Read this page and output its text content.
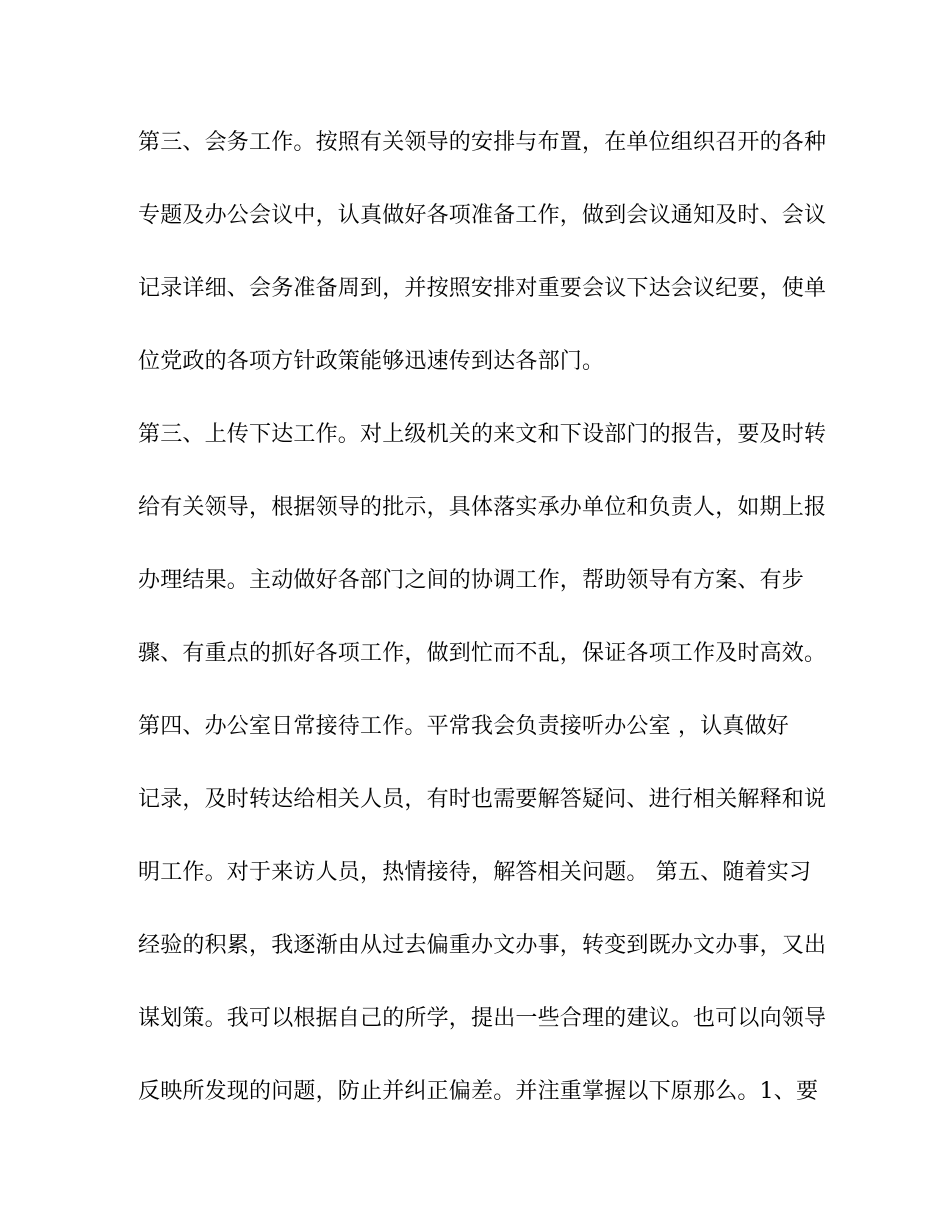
第三、会务工作。按照有关领导的安排与布置，在单位组织召开的各种
专题及办公会议中，认真做好各项准备工作，做到会议通知及时、会议
记录详细、会务准备周到，并按照安排对重要会议下达会议纪要，使单
位党政的各项方针政策能够迅速传到达各部门。
第三、上传下达工作。对上级机关的来文和下设部门的报告，要及时转
给有关领导，根据领导的批示，具体落实承办单位和负责人，如期上报
办理结果。主动做好各部门之间的协调工作，帮助领导有方案、有步
骤、有重点的抓好各项工作，做到忙而不乱，保证各项工作及时高效。
第四、办公室日常接待工作。平常我会负责接听办公室 ，认真做好
记录，及时转达给相关人员，有时也需要解答疑问、进行相关解释和说
明工作。对于来访人员，热情接待，解答相关问题。 第五、随着实习
经验的积累，我逐渐由从过去偏重办文办事，转变到既办文办事，又出
谋划策。我可以根据自己的所学，提出一些合理的建议。也可以向领导
反映所发现的问题，防止并纠正偏差。并注重掌握以下原那么。1、要
